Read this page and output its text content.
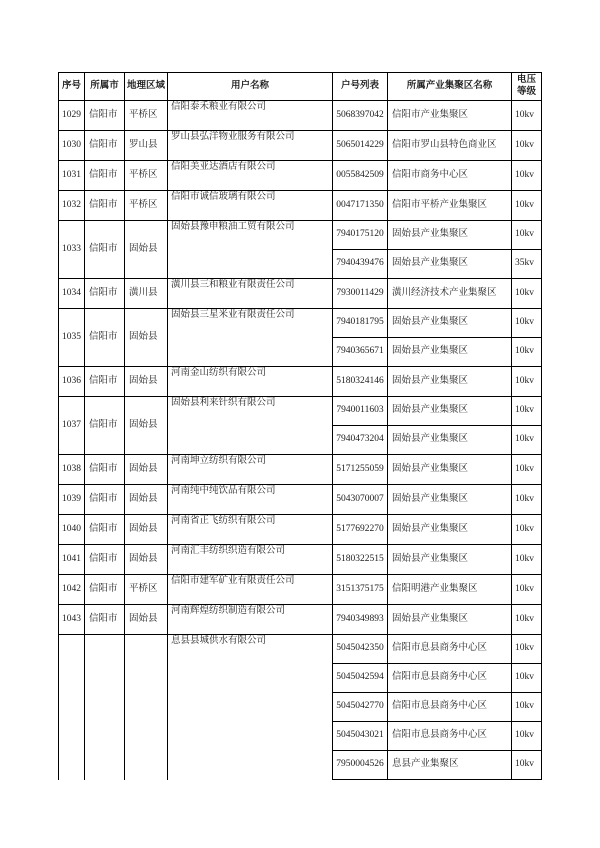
序号	所属市	地理区域	用户名称	户号列表	所属产业集聚区名称	电压等级
1029	信阳市	平桥区	信阳泰禾粮业有限公司	5068397042	信阳市产业集聚区	10kv
1030	信阳市	罗山县	罗山县弘洋物业服务有限公司	5065014229	信阳市罗山县特色商业区	10kv
1031	信阳市	平桥区	信阳美亚达酒店有限公司	0055842509	信阳市商务中心区	10kv
1032	信阳市	平桥区	信阳市诚信玻璃有限公司	0047171350	信阳市平桥产业集聚区	10kv
1033	信阳市	固始县	固始县豫申粮油工贸有限公司	7940175120	固始县产业集聚区	10kv
				7940439476	固始县产业集聚区	35kv
1034	信阳市	潢川县	潢川县三和粮业有限责任公司	7930011429	潢川经济技术产业集聚区	10kv
1035	信阳市	固始县	固始县三星米业有限责任公司	7940181795	固始县产业集聚区	10kv
				7940365671	固始县产业集聚区	10kv
1036	信阳市	固始县	河南金山纺织有限公司	5180324146	固始县产业集聚区	10kv
1037	信阳市	固始县	固始县利来针织有限公司	7940011603	固始县产业集聚区	10kv
				7940473204	固始县产业集聚区	10kv
1038	信阳市	固始县	河南坤立纺织有限公司	5171255059	固始县产业集聚区	10kv
1039	信阳市	固始县	河南纯中纯饮品有限公司	5043070007	固始县产业集聚区	10kv
1040	信阳市	固始县	河南省正飞纺织有限公司	5177692270	固始县产业集聚区	10kv
1041	信阳市	固始县	河南汇丰纺织织造有限公司	5180322515	固始县产业集聚区	10kv
1042	信阳市	平桥区	信阳市建军矿业有限责任公司	3151375175	信阳明港产业集聚区	10kv
1043	信阳市	固始县	河南辉煌纺织制造有限公司	7940349893	固始县产业集聚区	10kv
			息县县城供水有限公司	5045042350	信阳市息县商务中心区	10kv
				5045042594	信阳市息县商务中心区	10kv
				5045042770	信阳市息县商务中心区	10kv
				5045043021	信阳市息县商务中心区	10kv
				7950004526	息县产业集聚区	10kv
